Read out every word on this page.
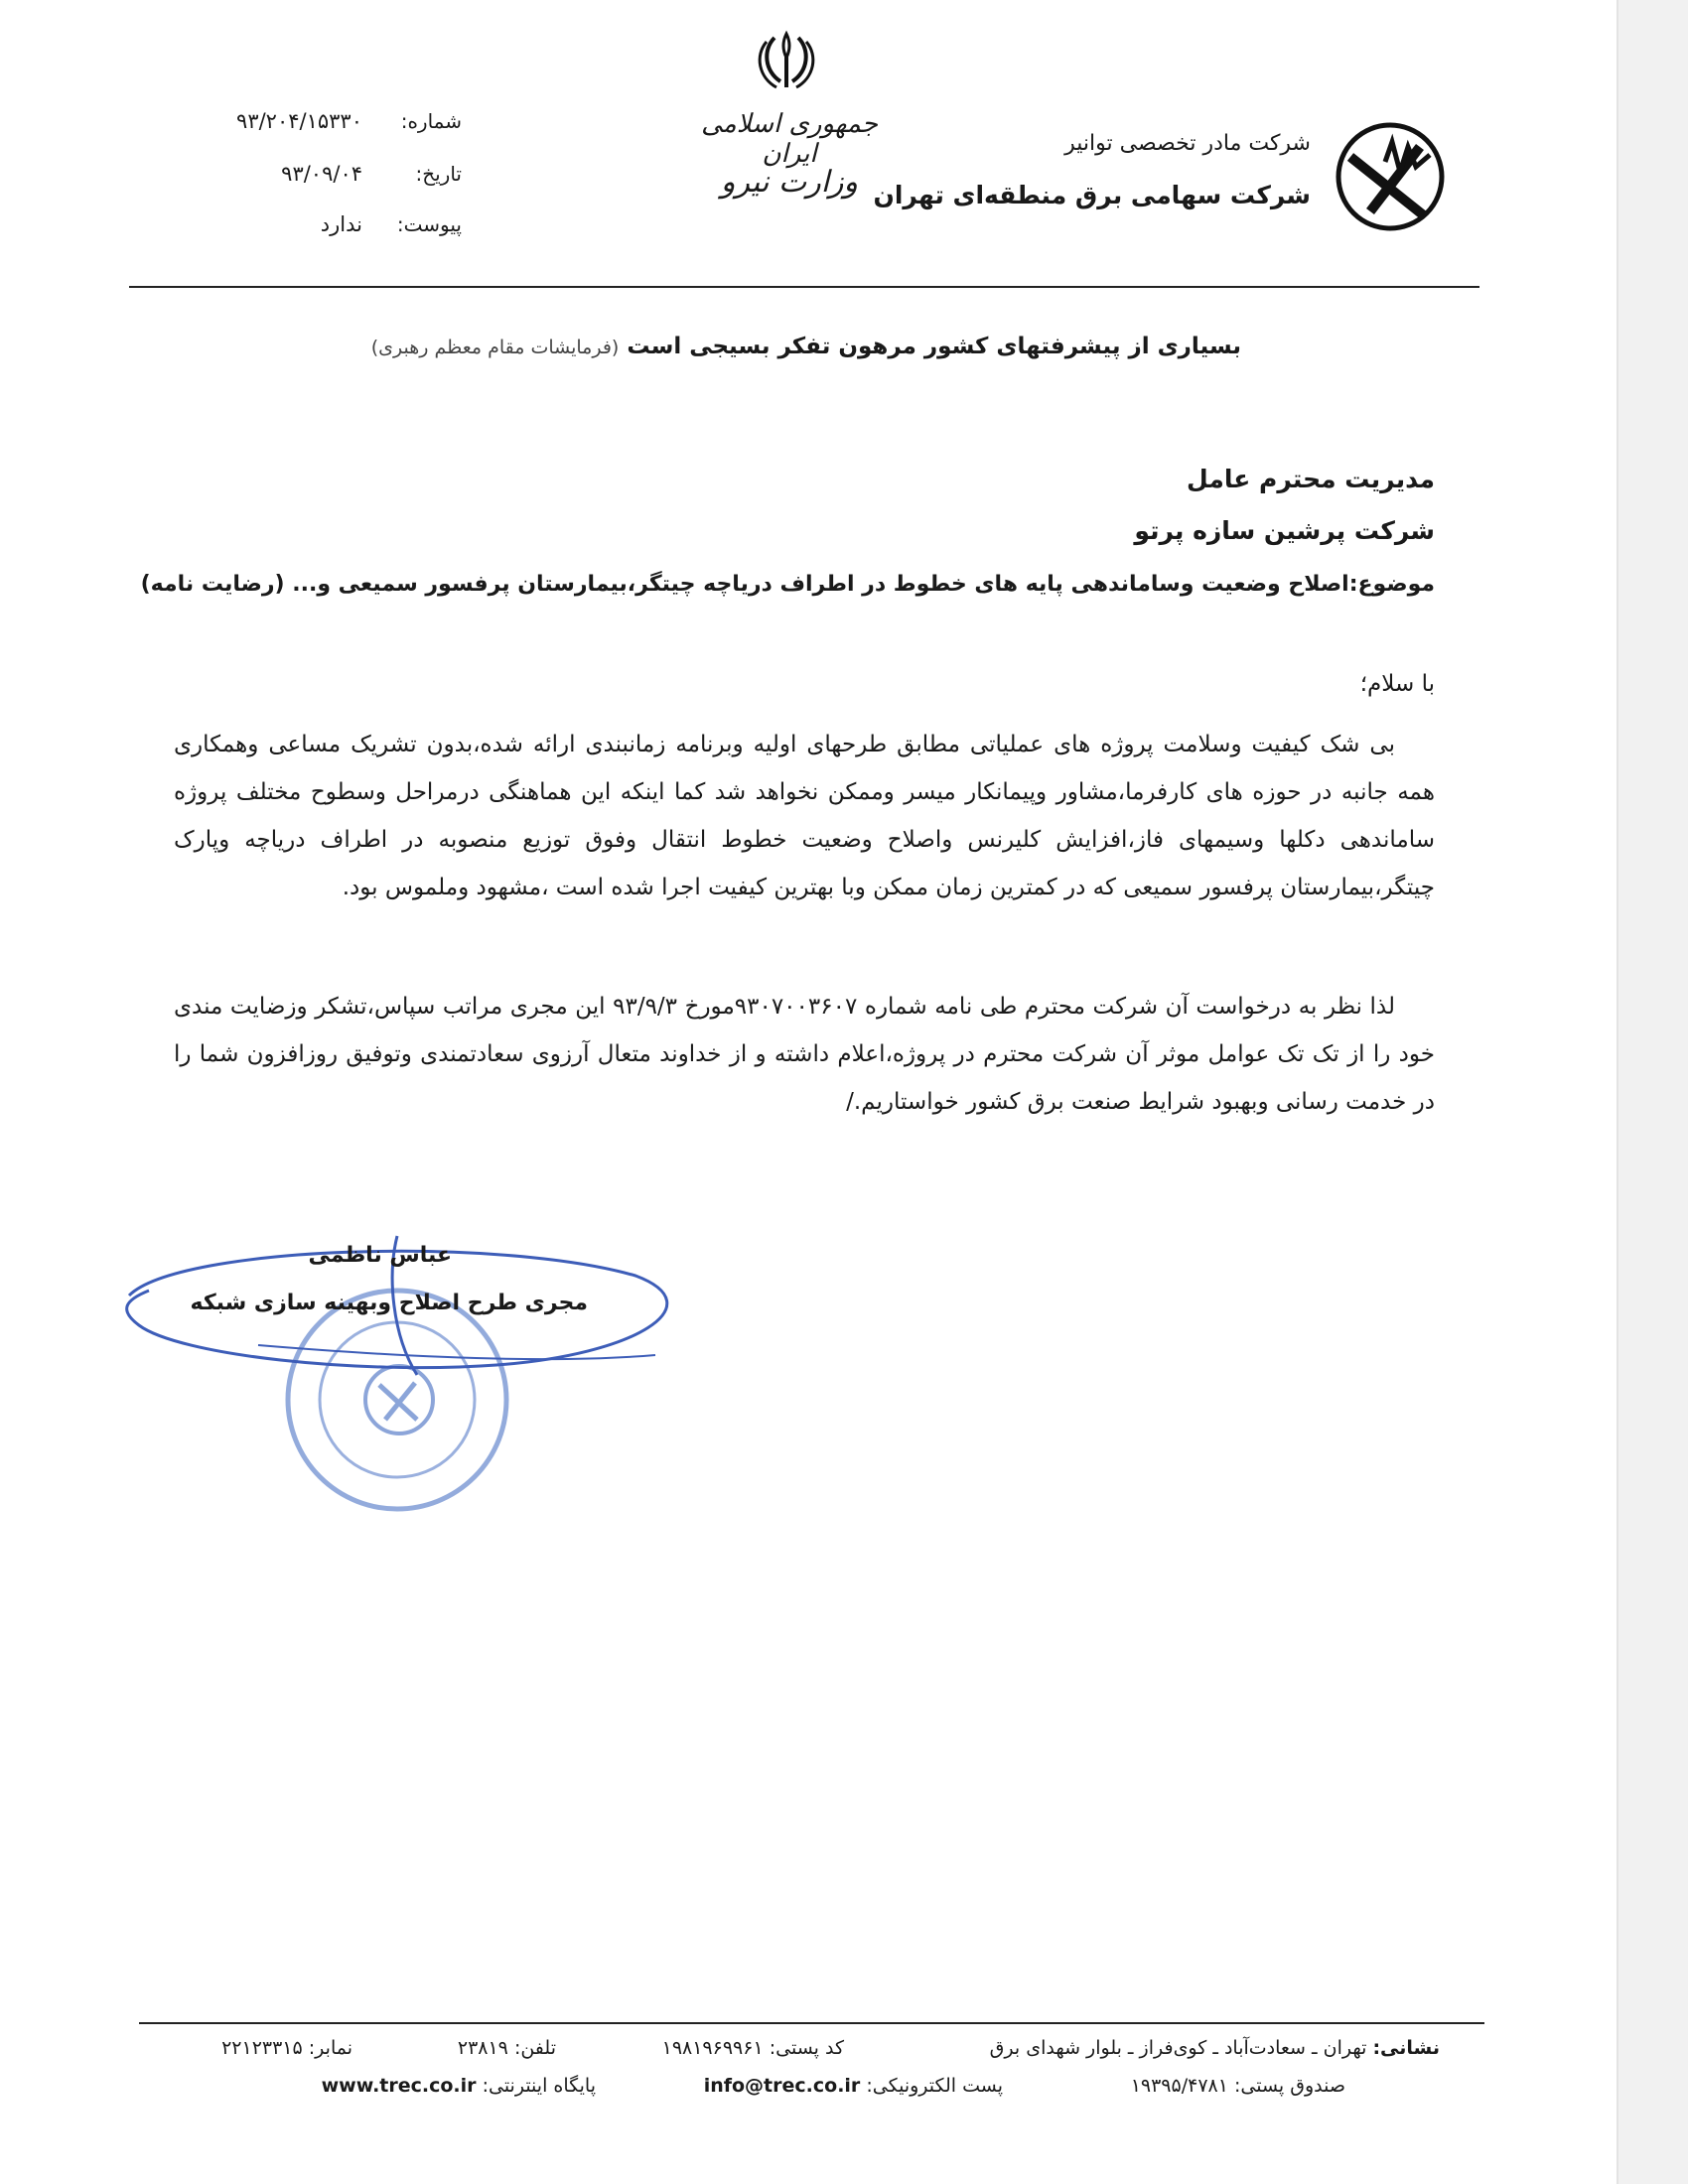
جمهوری اسلامی ایران
وزارت نیرو
شرکت مادر تخصصی توانیر
شرکت سهامی برق منطقه‌ای تهران
شماره:
۹۳/۲۰۴/۱۵۳۳۰
تاریخ:
۹۳/۰۹/۰۴
پیوست:
ندارد
بسیاری از پیشرفتهای کشور مرهون تفکر بسیجی است (فرمایشات مقام معظم رهبری)
مدیریت محترم عامل
شرکت پرشین سازه پرتو
موضوع:اصلاح وضعیت وساماندهی پایه های خطوط در اطراف دریاچه چیتگر،بیمارستان پرفسور سمیعی و... (رضایت نامه)
با سلام؛
بی شک کیفیت وسلامت پروژه های عملیاتی مطابق طرحهای اولیه وبرنامه زمانبندی ارائه شده،بدون تشریک مساعی وهمکاری همه جانبه در حوزه های کارفرما،مشاور وپیمانکار میسر وممکن نخواهد شد کما اینکه این هماهنگی درمراحل وسطوح مختلف پروژه ساماندهی دکلها وسیمهای فاز،افزایش کلیرنس واصلاح وضعیت خطوط انتقال وفوق توزیع منصوبه در اطراف دریاچه وپارک چیتگر،بیمارستان پرفسور سمیعی که در کمترین زمان ممکن وبا بهترین کیفیت اجرا شده است ،مشهود وملموس بود.
لذا نظر به درخواست آن شرکت محترم طی نامه شماره ۹۳۰۷۰۰۳۶۰۷مورخ ۹۳/۹/۳ این مجری مراتب سپاس،تشکر وزضایت مندی خود را از تک تک عوامل موثر آن شرکت محترم در پروژه،اعلام داشته و از خداوند متعال آرزوی سعادتمندی وتوفیق روزافزون شما را در خدمت رسانی وبهبود شرایط صنعت برق کشور خواستاریم./
عباس ناظمی
مجری طرح اصلاح وبهینه سازی شبکه
نشانی: تهران ـ سعادت‌آباد ـ کوی‌فراز ـ بلوار شهدای برق
کد پستی: ۱۹۸۱۹۶۹۹۶۱
تلفن: ۲۳۸۱۹
نمابر: ۲۲۱۲۳۳۱۵
صندوق پستی: ۱۹۳۹۵/۴۷۸۱
پست الکترونیکی: info@trec.co.ir
پایگاه اینترنتی: www.trec.co.ir
